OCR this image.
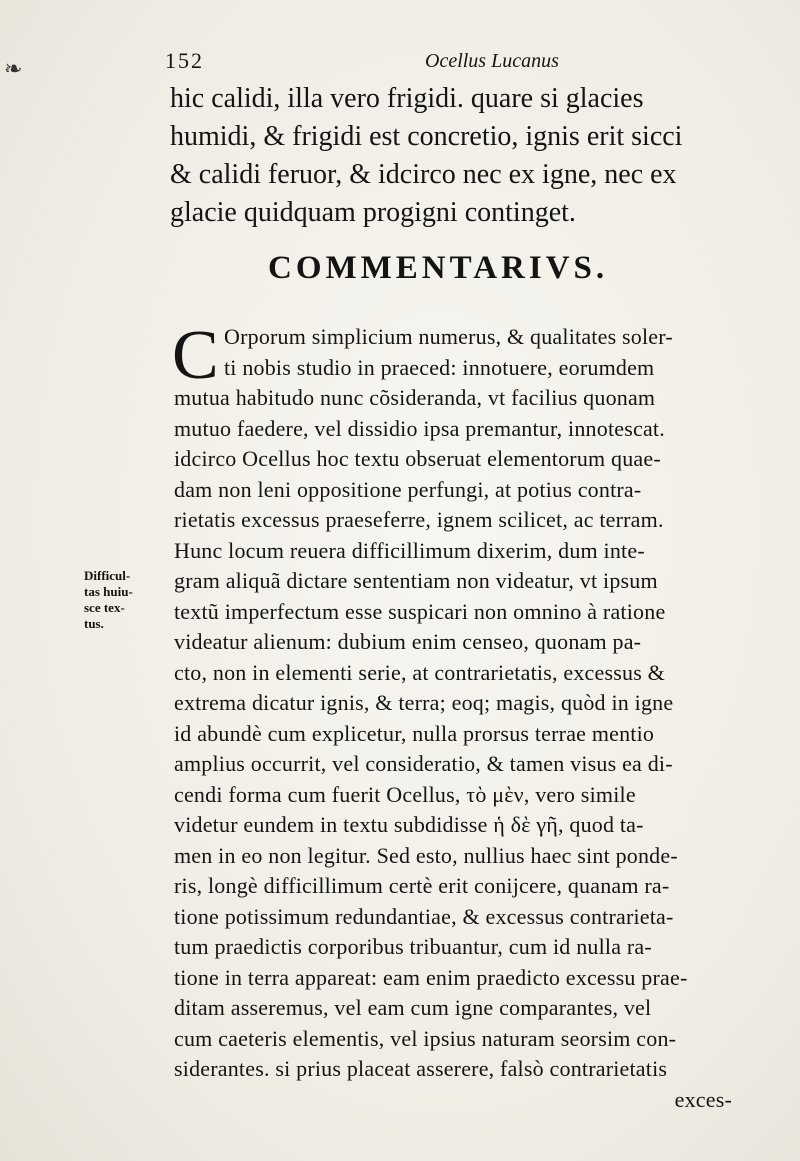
❧	152	Ocellus Lucanus
hic calidi, illa vero frigidi. quare si glacies
humidi, & frigidi est concretio, ignis erit sicci
& calidi feruor, & idcirco nec ex igne, nec ex
glacie quidquam progigni continget.
COMMENTARIVS.
C Orporum simplicium numerus, & qualitates soler-
ti nobis studio in praeced: innotuere, eorumdem
mutua habitudo nunc cõsideranda, vt facilius quonam
mutuo faedere, vel dissidio ipsa premantur, innotescat.
idcirco Ocellus hoc textu obseruat elementorum quae-
dam non leni oppositione perfungi, at potius contra-
rietatis excessus praeseferre, ignem scilicet, ac terram.
Hunc locum reuera difficillimum dixerim, dum inte-
gram aliquã dictare sententiam non videatur, vt ipsum
textũ imperfectum esse suspicari non omnino à ratione
videatur alienum: dubium enim censeo, quonam pa-
cto, non in elementi serie, at contrarietatis, excessus &
extrema dicatur ignis, & terra; eoq; magis, quòd in igne
id abundè cum explicetur, nulla prorsus terrae mentio
amplius occurrit, vel consideratio, & tamen visus ea di-
cendi forma cum fuerit Ocellus, τὸ μὲν, vero simile
videtur eundem in textu subdidisse ἡ δὲ γῆ, quod ta-
men in eo non legitur. Sed esto, nullius haec sint ponde-
ris, longè difficillimum certè erit conijcere, quanam ra-
tione potissimum redundantiae, & excessus contrarieta-
tum praedictis corporibus tribuantur, cum id nulla ra-
tione in terra appareat: eam enim praedicto excessu prae-
ditam asseremus, vel eam cum igne comparantes, vel
cum caeteris elementis, vel ipsius naturam seorsim con-
siderantes. si prius placeat asserere, falsò contrarietatis
exces-
Difficul-
tas huiu-
sce tex-
tus.
